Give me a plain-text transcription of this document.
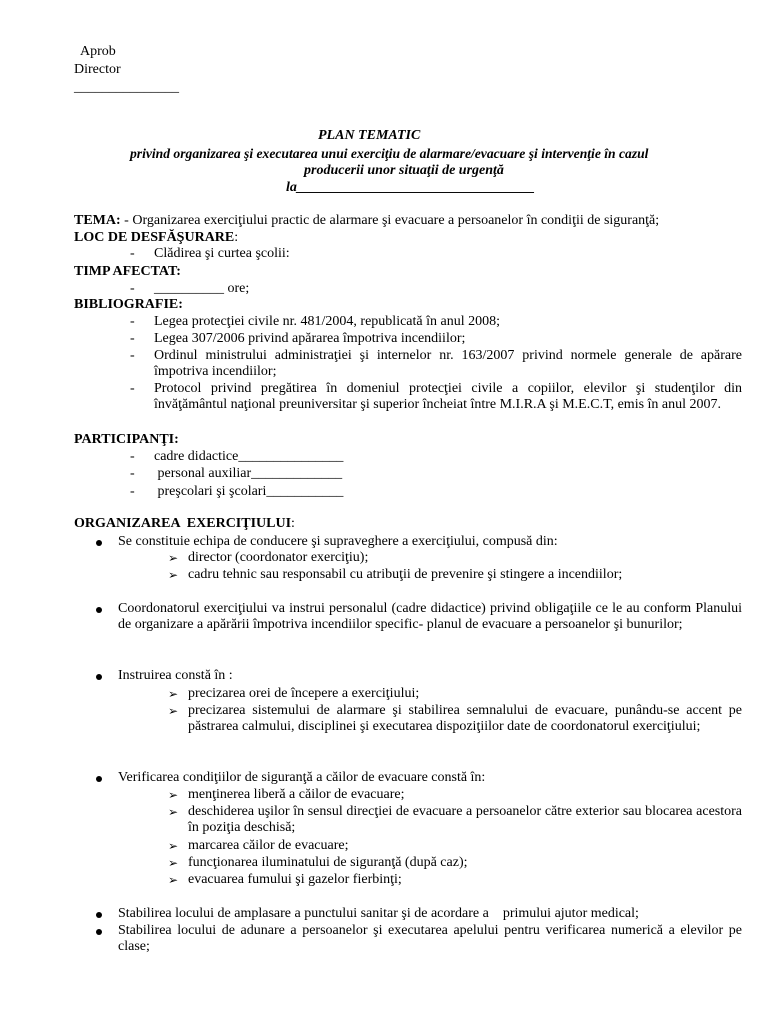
Aprob
Director
_______________
PLAN TEMATIC
privind organizarea şi executarea unui exerciţiu de alarmare/evacuare şi intervenţie în cazul
producerii unor situaţii de urgenţă
la__________________________________
TEMA: - Organizarea exerciţiului practic de alarmare şi evacuare a persoanelor în condiţii de siguranţă;
LOC DE DESFĂŞURARE:
- Clădirea şi curtea şcolii:
TIMP AFECTAT:
- __________ ore;
BIBLIOGRAFIE:
- Legea protecţiei civile nr. 481/2004, republicată în anul 2008;
- Legea 307/2006 privind apărarea împotriva incendiilor;
- Ordinul ministrului administraţiei şi internelor nr. 163/2007 privind normele generale de apărare împotriva incendiilor;
- Protocol privind pregătirea în domeniul protecţiei civile a copiilor, elevilor şi studenţilor din învăţământul naţional preuniversitar şi superior încheiat între M.I.R.A şi M.E.C.T, emis în anul 2007.
PARTICIPANŢI:
- cadre didactice_______________
- personal auxiliar_____________
- preşcolari şi şcolari___________
ORGANIZAREA  EXERCIŢIULUI:
Se constituie echipa de conducere şi supraveghere a exerciţiului, compusă din:
➢ director (coordonator exerciţiu);
➢ cadru tehnic sau responsabil cu atribuţii de prevenire şi stingere a incendiilor;
Coordonatorul exerciţiului va instrui personalul (cadre didactice) privind obligaţiile ce le au conform Planului de organizare a apărării împotriva incendiilor specific- planul de evacuare a persoanelor şi bunurilor;
Instruirea constă în :
➢ precizarea orei de începere a exerciţiului;
➢ precizarea sistemului de alarmare şi stabilirea semnalului de evacuare, punându-se accent pe păstrarea calmului, disciplinei şi executarea dispoziţiilor date de coordonatorul exerciţiului;
Verificarea condiţiilor de siguranţă a căilor de evacuare constă în:
➢ menţinerea liberă a căilor de evacuare;
➢ deschiderea uşilor în sensul direcţiei de evacuare a persoanelor către exterior sau blocarea acestora în poziţia deschisă;
➢ marcarea căilor de evacuare;
➢ funcţionarea iluminatului de siguranţă (după caz);
➢ evacuarea fumului şi gazelor fierbinţi;
Stabilirea locului de amplasare a punctului sanitar şi de acordare a    primului ajutor medical;
Stabilirea locului de adunare a persoanelor şi executarea apelului pentru verificarea numerică a elevilor pe clase;
